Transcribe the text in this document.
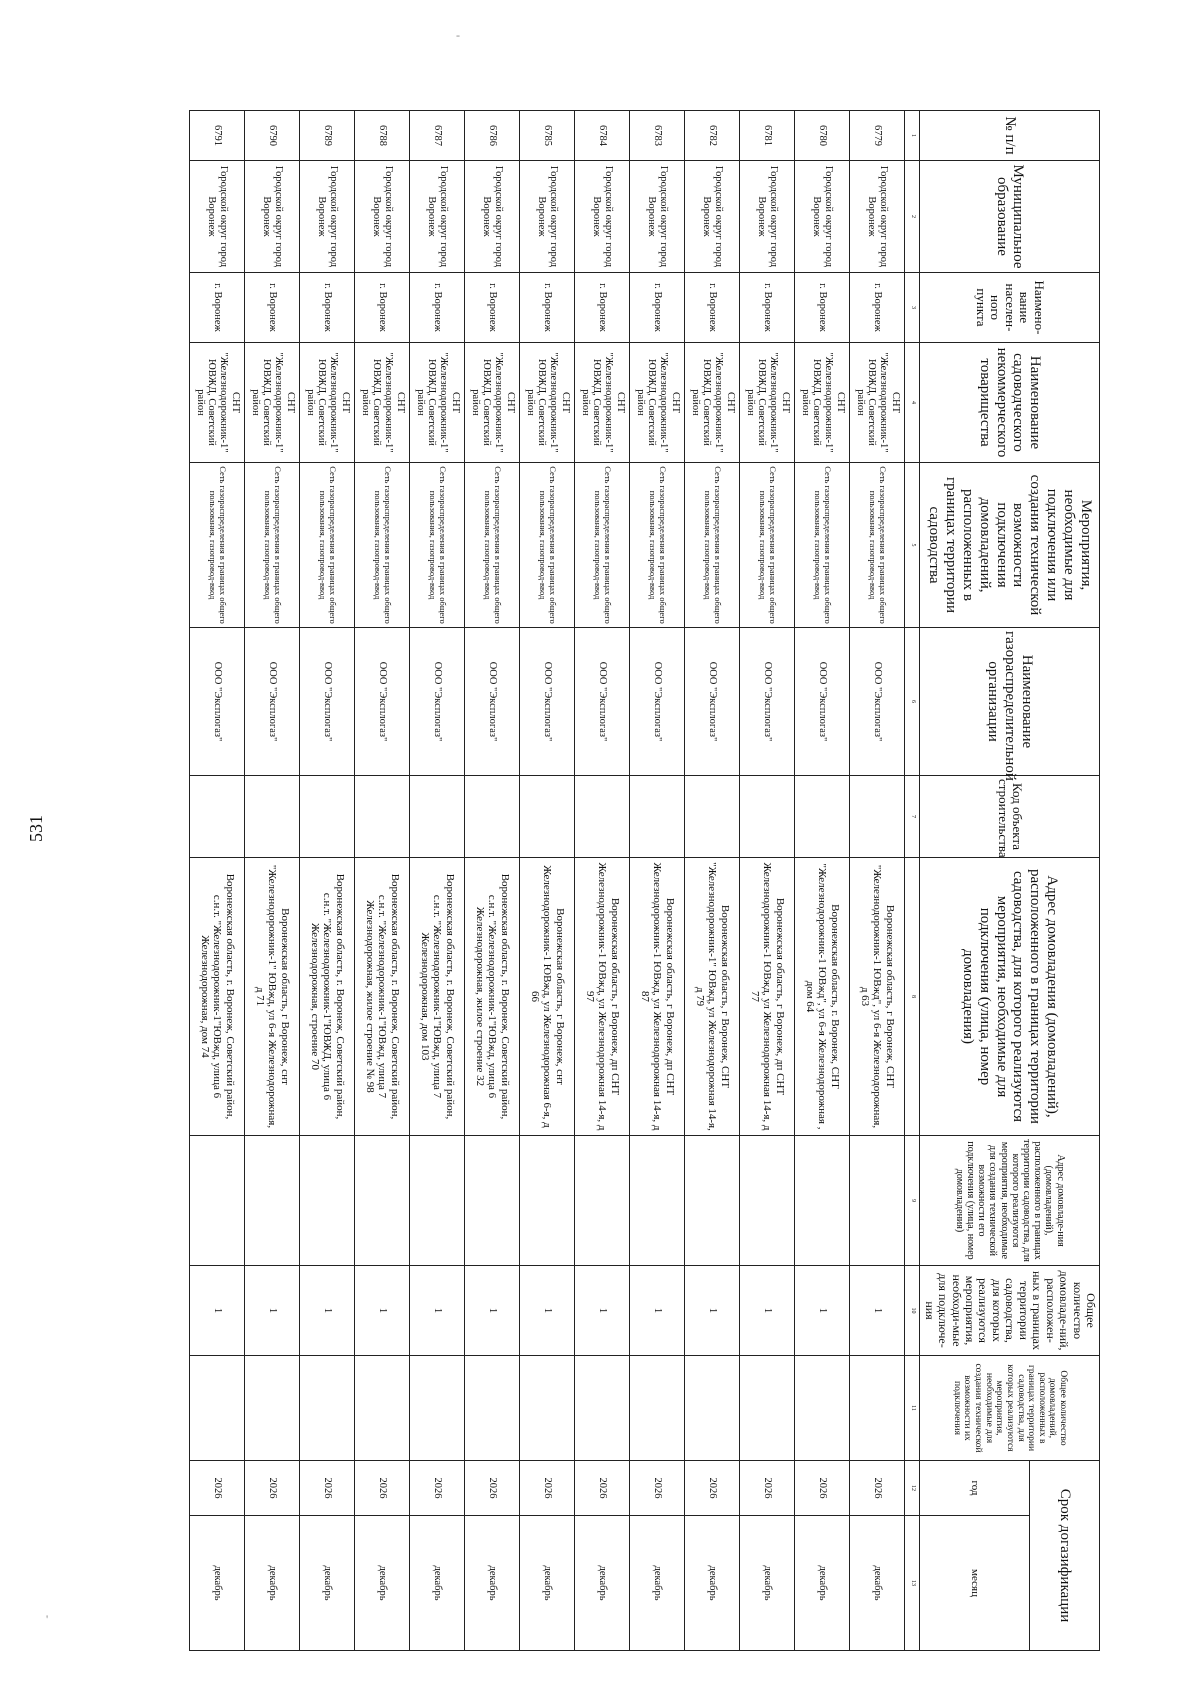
531
-
'
№ п/п	Муниципальное образование	Наимено-вание населен-ного пункта	Наименование садоводческого некоммерческого товарищества	Мероприятия, необходимые для подключения или создания технической возможности подключения домовладений, расположенных в границах территории садоводства	Наименование газораспределительной организации	Код объекта строительства	Адрес домовладения (домовладений), расположенного в границах территории садоводства, для которого реализуются мероприятия, необходимые для подключения (улица, номер домовладения)	Адрес домовладе-ния (домовладений), расположенного в границах территории садоводства, для которого реализуются мероприятия, необходимые для создания технической возможности его подключения (улица, номер домовладения)	Общее количество домовладе-ний, расположен-ных в границах территории садоводства, для которых реализуются мероприятия, необходи-мые для подключе-ния	Общее количество домовладений, расположенных в границах территории садоводства, для которых реализуются мероприятия, необходимые для создания технической возможности их подключения	Срок догазификации	
											год	месяц
1	2	3	4	5	6	7	8	9	10	11	12	13
6779	Городской округ город Воронеж	г. Воронеж	СНТ "Железнодорожник-1" ЮВЖД, Советский район	Сеть газораспределения в границах общего пользования, газопровод-ввод	ООО "Эксплогаз"		Воронежская область, г Воронеж, СНТ "Железнодорожник-1 ЮВжд", ул 6-я Железнодорожная, д 63		1		2026	декабрь
6780	Городской округ город Воронеж	г. Воронеж	СНТ "Железнодорожник-1" ЮВЖД, Советский район	Сеть газораспределения в границах общего пользования, газопровод-ввод	ООО "Эксплогаз"		Воронежская область, г. Воронеж, СНТ "Железнодорожник-1 ЮВжд", ул 6-я Железнодорожная , дом 64		1		2026	декабрь
6781	Городской округ город Воронеж	г. Воронеж	СНТ "Железнодорожник-1" ЮВЖД, Советский район	Сеть газораспределения в границах общего пользования, газопровод-ввод	ООО "Эксплогаз"		Воронежская область, г Воронеж, дп СНТ Железнодорожник-1 ЮВжд, ул Железнодорожная 14-я, д 77		1		2026	декабрь
6782	Городской округ город Воронеж	г. Воронеж	СНТ "Железнодорожник-1" ЮВЖД, Советский район	Сеть газораспределения в границах общего пользования, газопровод-ввод	ООО "Эксплогаз"		Воронежская область, г Воронеж, СНТ "Железнодорожник-1" ЮВжд, ул Железнодорожная 14-я, д 79		1		2026	декабрь
6783	Городской округ город Воронеж	г. Воронеж	СНТ "Железнодорожник-1" ЮВЖД, Советский район	Сеть газораспределения в границах общего пользования, газопровод-ввод	ООО "Эксплогаз"		Воронежская область, г Воронеж, дп СНТ Железнодорожник-1 ЮВжд, ул Железнодорожная 14-я, д 87		1		2026	декабрь
6784	Городской округ город Воронеж	г. Воронеж	СНТ "Железнодорожник-1" ЮВЖД, Советский район	Сеть газораспределения в границах общего пользования, газопровод-ввод	ООО "Эксплогаз"		Воронежская область, г Воронеж, дп СНТ Железнодорожник-1 ЮВжд, ул Железнодорожная 14-я, д 97		1		2026	декабрь
6785	Городской округ город Воронеж	г. Воронеж	СНТ "Железнодорожник-1" ЮВЖД, Советский район	Сеть газораспределения в границах общего пользования, газопровод-ввод	ООО "Эксплогаз"		Воронежская область, г Воронеж, снт Железнодорожник-1 ЮВжд, ул Железнодорожная 6-я, д 66		1		2026	декабрь
6786	Городской округ город Воронеж	г. Воронеж	СНТ "Железнодорожник-1" ЮВЖД, Советский район	Сеть газораспределения в границах общего пользования, газопровод-ввод	ООО "Эксплогаз"		Воронежская область, г. Воронеж, Советский район, с.н.т. "Железнодорожник-1"ЮВжд, улица 6 Железнодорожная, жилое строение 32		1		2026	декабрь
6787	Городской округ город Воронеж	г. Воронеж	СНТ "Железнодорожник-1" ЮВЖД, Советский район	Сеть газораспределения в границах общего пользования, газопровод-ввод	ООО "Эксплогаз"		Воронежская область, г. Воронеж, Советский район, с.н.т. "Железнодорожник-1"ЮВжд, улица 7 Железнодорожная, дом 103		1		2026	декабрь
6788	Городской округ город Воронеж	г. Воронеж	СНТ "Железнодорожник-1" ЮВЖД, Советский район	Сеть газораспределения в границах общего пользования, газопровод-ввод	ООО "Эксплогаз"		Воронежская область, г. Воронеж, Советский район, с.н.т. "Железнодорожник-1"ЮВжд, улица 7 Железнодорожная, жилое строение № 98		1		2026	декабрь
6789	Городской округ город Воронеж	г. Воронеж	СНТ "Железнодорожник-1" ЮВЖД, Советский район	Сеть газораспределения в границах общего пользования, газопровод-ввод	ООО "Эксплогаз"		Воронежская область, г. Воронеж, Советский район, с.н.т. "Железнодорожник-1"ЮВЖД, улица 6 Железнодорожная, строение 70		1		2026	декабрь
6790	Городской округ город Воронеж	г. Воронеж	СНТ "Железнодорожник-1" ЮВЖД, Советский район	Сеть газораспределения в границах общего пользования, газопровод-ввод	ООО "Эксплогаз"		Воронежская область, г Воронеж, снт "Железнодорожник-1" ЮВжд, ул 6-я Железнодорожная, д 71		1		2026	декабрь
6791	Городской округ город Воронеж	г. Воронеж	СНТ "Железнодорожник-1" ЮВЖД, Советский район	Сеть газораспределения в границах общего пользования, газопровод-ввод	ООО "Эксплогаз"		Воронежская область, г. Воронеж, Советский район, с.н.т. "Железнодорожник-1"ЮВжд, улица 6 Железнодорожная, дом 74		1		2026	декабрь
